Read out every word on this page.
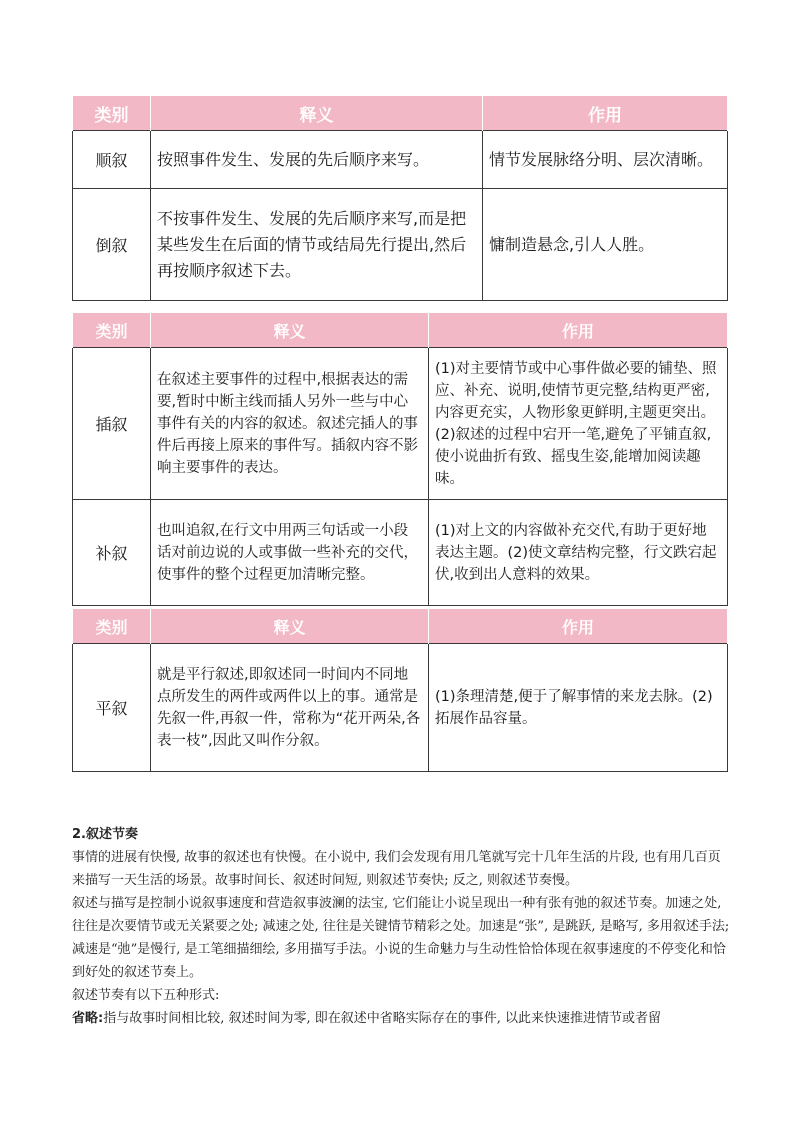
类别	释义	作用
顺叙	按照事件发生、发展的先后顺序来写。	情节发展脉络分明、层次清晰。
倒叙	不按事件发生、发展的先后顺序来写,而是把某些发生在后面的情节或结局先行提出,然后再按顺序叙述下去。	慵制造悬念,引人人胜。
类别	释义	作用
插叙	在叙述主要事件的过程中,根据表达的需要,暂时中断主线而插人另外一些与中心事件有关的内容的叙述。叙述完插人的事件后再接上原来的事件写。插叙内容不影响主要事件的表达。	(1)对主要情节或中心事件做必要的铺垫、照应、补充、说明,使情节更完整,结构更严密,内容更充实，人物形象更鲜明,主题更突出。(2)叙述的过程中宕开一笔,避免了平铺直叙,使小说曲折有致、摇曳生姿,能增加阅读趣味。
补叙	也叫追叙,在行文中用两三句话或一小段话对前边说的人或事做一些补充的交代，使事件的整个过程更加清晰完整。	(1)对上文的内容做补充交代,有助于更好地表达主题。(2)使文章结构完整，行文跌宕起伏,收到出人意料的效果。
类别	释义	作用
平叙	就是平行叙述,即叙述同一时间内不同地点所发生的两件或两件以上的事。通常是先叙一件,再叙一件，常称为“花开两朵,各表一枝”,因此又叫作分叙。	(1)条理清楚,便于了解事情的来龙去脉。(2)拓展作品容量。

2.叙述节奏

事情的进展有快慢, 故事的叙述也有快慢。在小说中, 我们会发现有用几笔就写完十几年生活的片段, 也有用几百页来描写一天生活的场景。故事时间长、叙述时间短, 则叙述节奏快; 反之, 则叙述节奏慢。

叙述与描写是控制小说叙事速度和营造叙事波澜的法宝, 它们能让小说呈现出一种有张有弛的叙述节奏。加速之处, 往往是次要情节或无关紧要之处; 减速之处, 往往是关键情节精彩之处。加速是“张”, 是跳跃, 是略写, 多用叙述手法; 减速是“弛”是慢行, 是工笔细描细绘, 多用描写手法。小说的生命魅力与生动性恰恰体现在叙事速度的不停变化和恰到好处的叙述节奏上。

叙述节奏有以下五种形式:

省略:指与故事时间相比较, 叙述时间为零, 即在叙述中省略实际存在的事件, 以此来快速推进情节或者留
